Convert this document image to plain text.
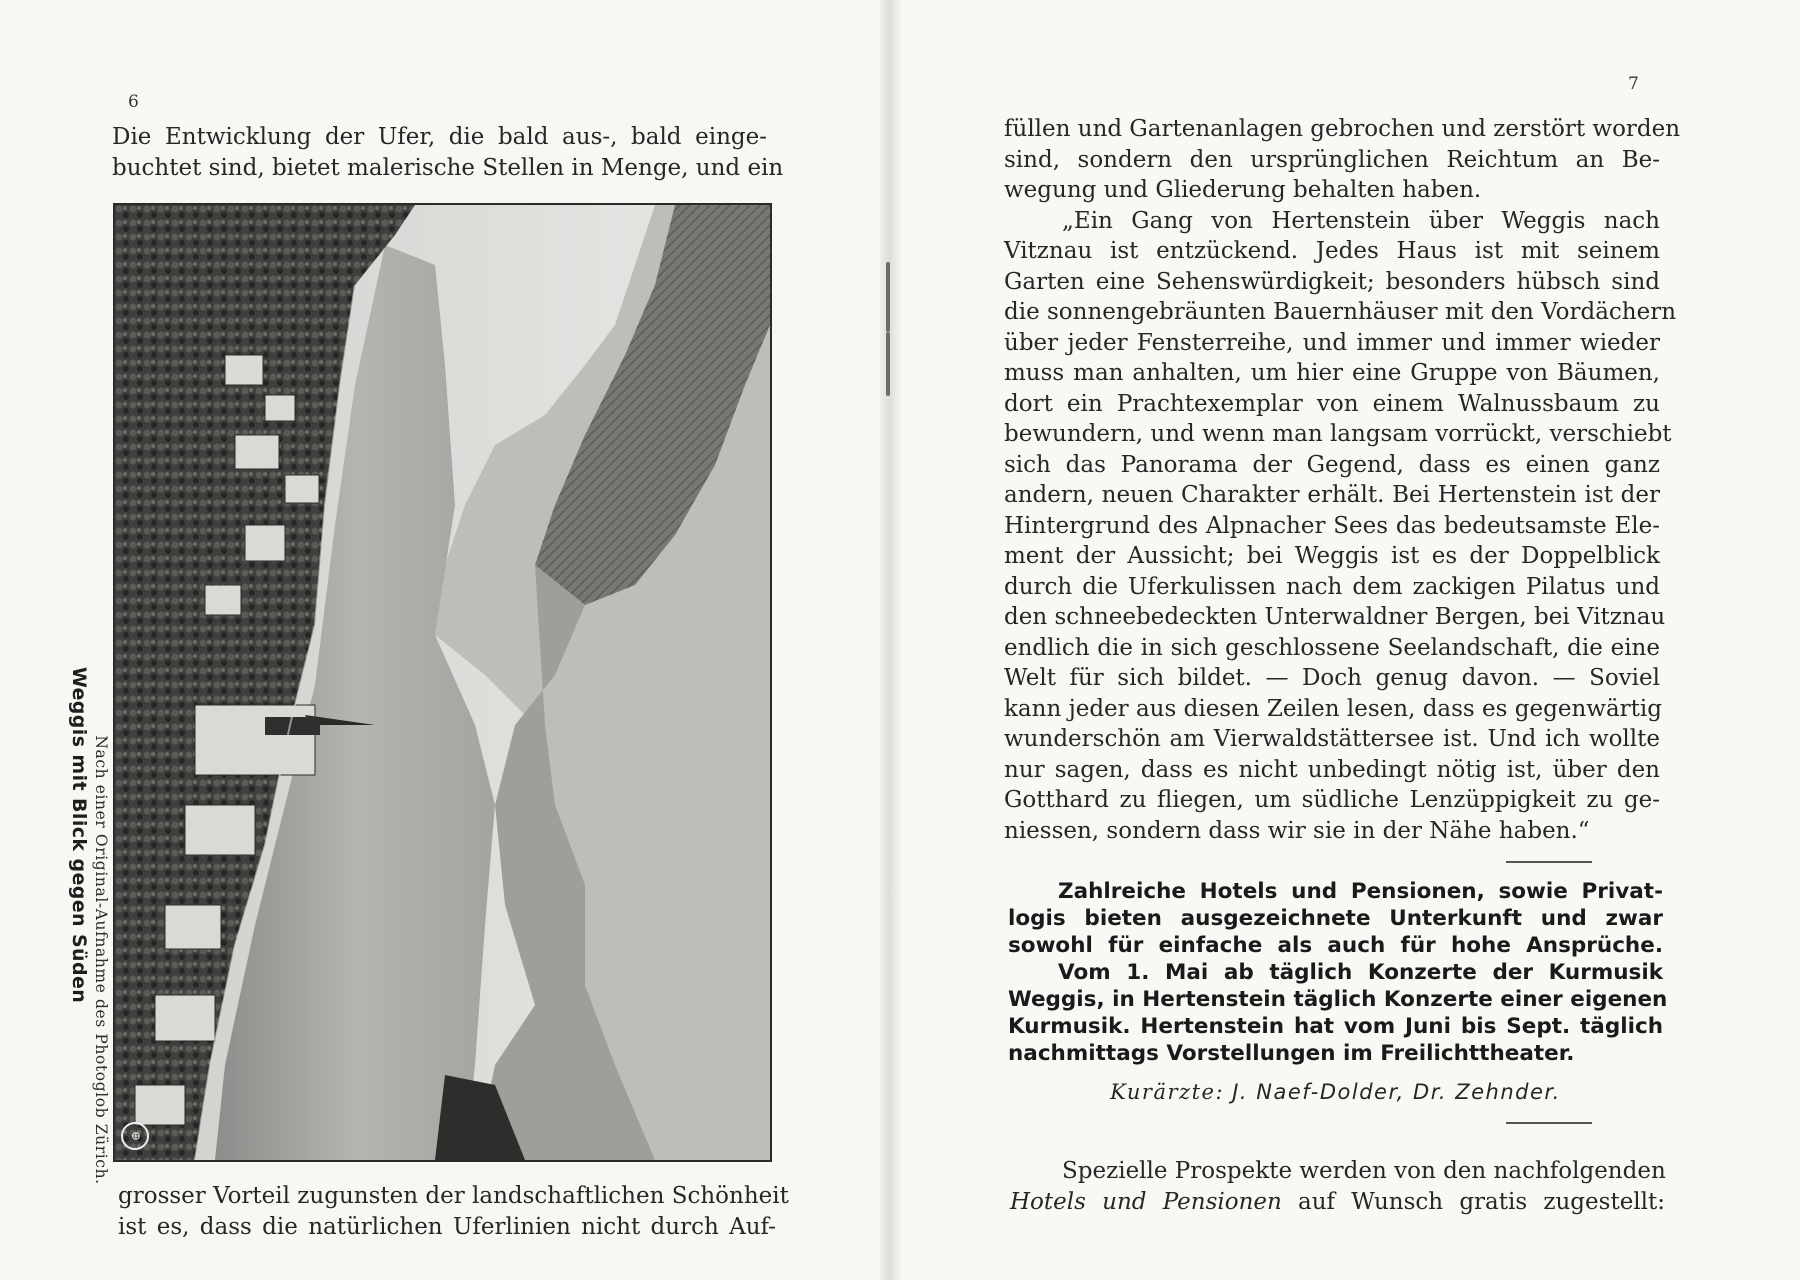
6
Die Entwicklung der Ufer, die bald aus-, bald einge-
buchtet sind, bietet malerische Stellen in Menge, und ein
⊕
Weggis mit Blick gegen Süden Nach einer Original-Aufnahme des Photoglob Zürich.
grosser Vorteil zugunsten der landschaftlichen Schönheit
ist es, dass die natürlichen Uferlinien nicht durch Auf-
7
füllen und Gartenanlagen gebrochen und zerstört worden
sind, sondern den ursprünglichen Reichtum an Be-
wegung und Gliederung behalten haben.
„Ein Gang von Hertenstein über Weggis nach
Vitznau ist entzückend. Jedes Haus ist mit seinem
Garten eine Sehenswürdigkeit; besonders hübsch sind
die sonnengebräunten Bauernhäuser mit den Vordächern
über jeder Fensterreihe, und immer und immer wieder
muss man anhalten, um hier eine Gruppe von Bäumen,
dort ein Prachtexemplar von einem Walnussbaum zu
bewundern, und wenn man langsam vorrückt, verschiebt
sich das Panorama der Gegend, dass es einen ganz
andern, neuen Charakter erhält. Bei Hertenstein ist der
Hintergrund des Alpnacher Sees das bedeutsamste Ele-
ment der Aussicht; bei Weggis ist es der Doppelblick
durch die Uferkulissen nach dem zackigen Pilatus und
den schneebedeckten Unterwaldner Bergen, bei Vitznau
endlich die in sich geschlossene Seelandschaft, die eine
Welt für sich bildet. — Doch genug davon. — Soviel
kann jeder aus diesen Zeilen lesen, dass es gegenwärtig
wunderschön am Vierwaldstättersee ist. Und ich wollte
nur sagen, dass es nicht unbedingt nötig ist, über den
Gotthard zu fliegen, um südliche Lenzüppigkeit zu ge-
niessen, sondern dass wir sie in der Nähe haben.“
Zahlreiche Hotels und Pensionen, sowie Privat-
logis bieten ausgezeichnete Unterkunft und zwar
sowohl für einfache als auch für hohe Ansprüche.
Vom 1. Mai ab täglich Konzerte der Kurmusik
Weggis, in Hertenstein täglich Konzerte einer eigenen
Kurmusik. Hertenstein hat vom Juni bis Sept. täglich
nachmittags Vorstellungen im Freilichttheater.
Kurärzte: J. Naef-Dolder, Dr. Zehnder.
Spezielle Prospekte werden von den nachfolgenden
Hotels und Pensionen auf Wunsch gratis zugestellt:
